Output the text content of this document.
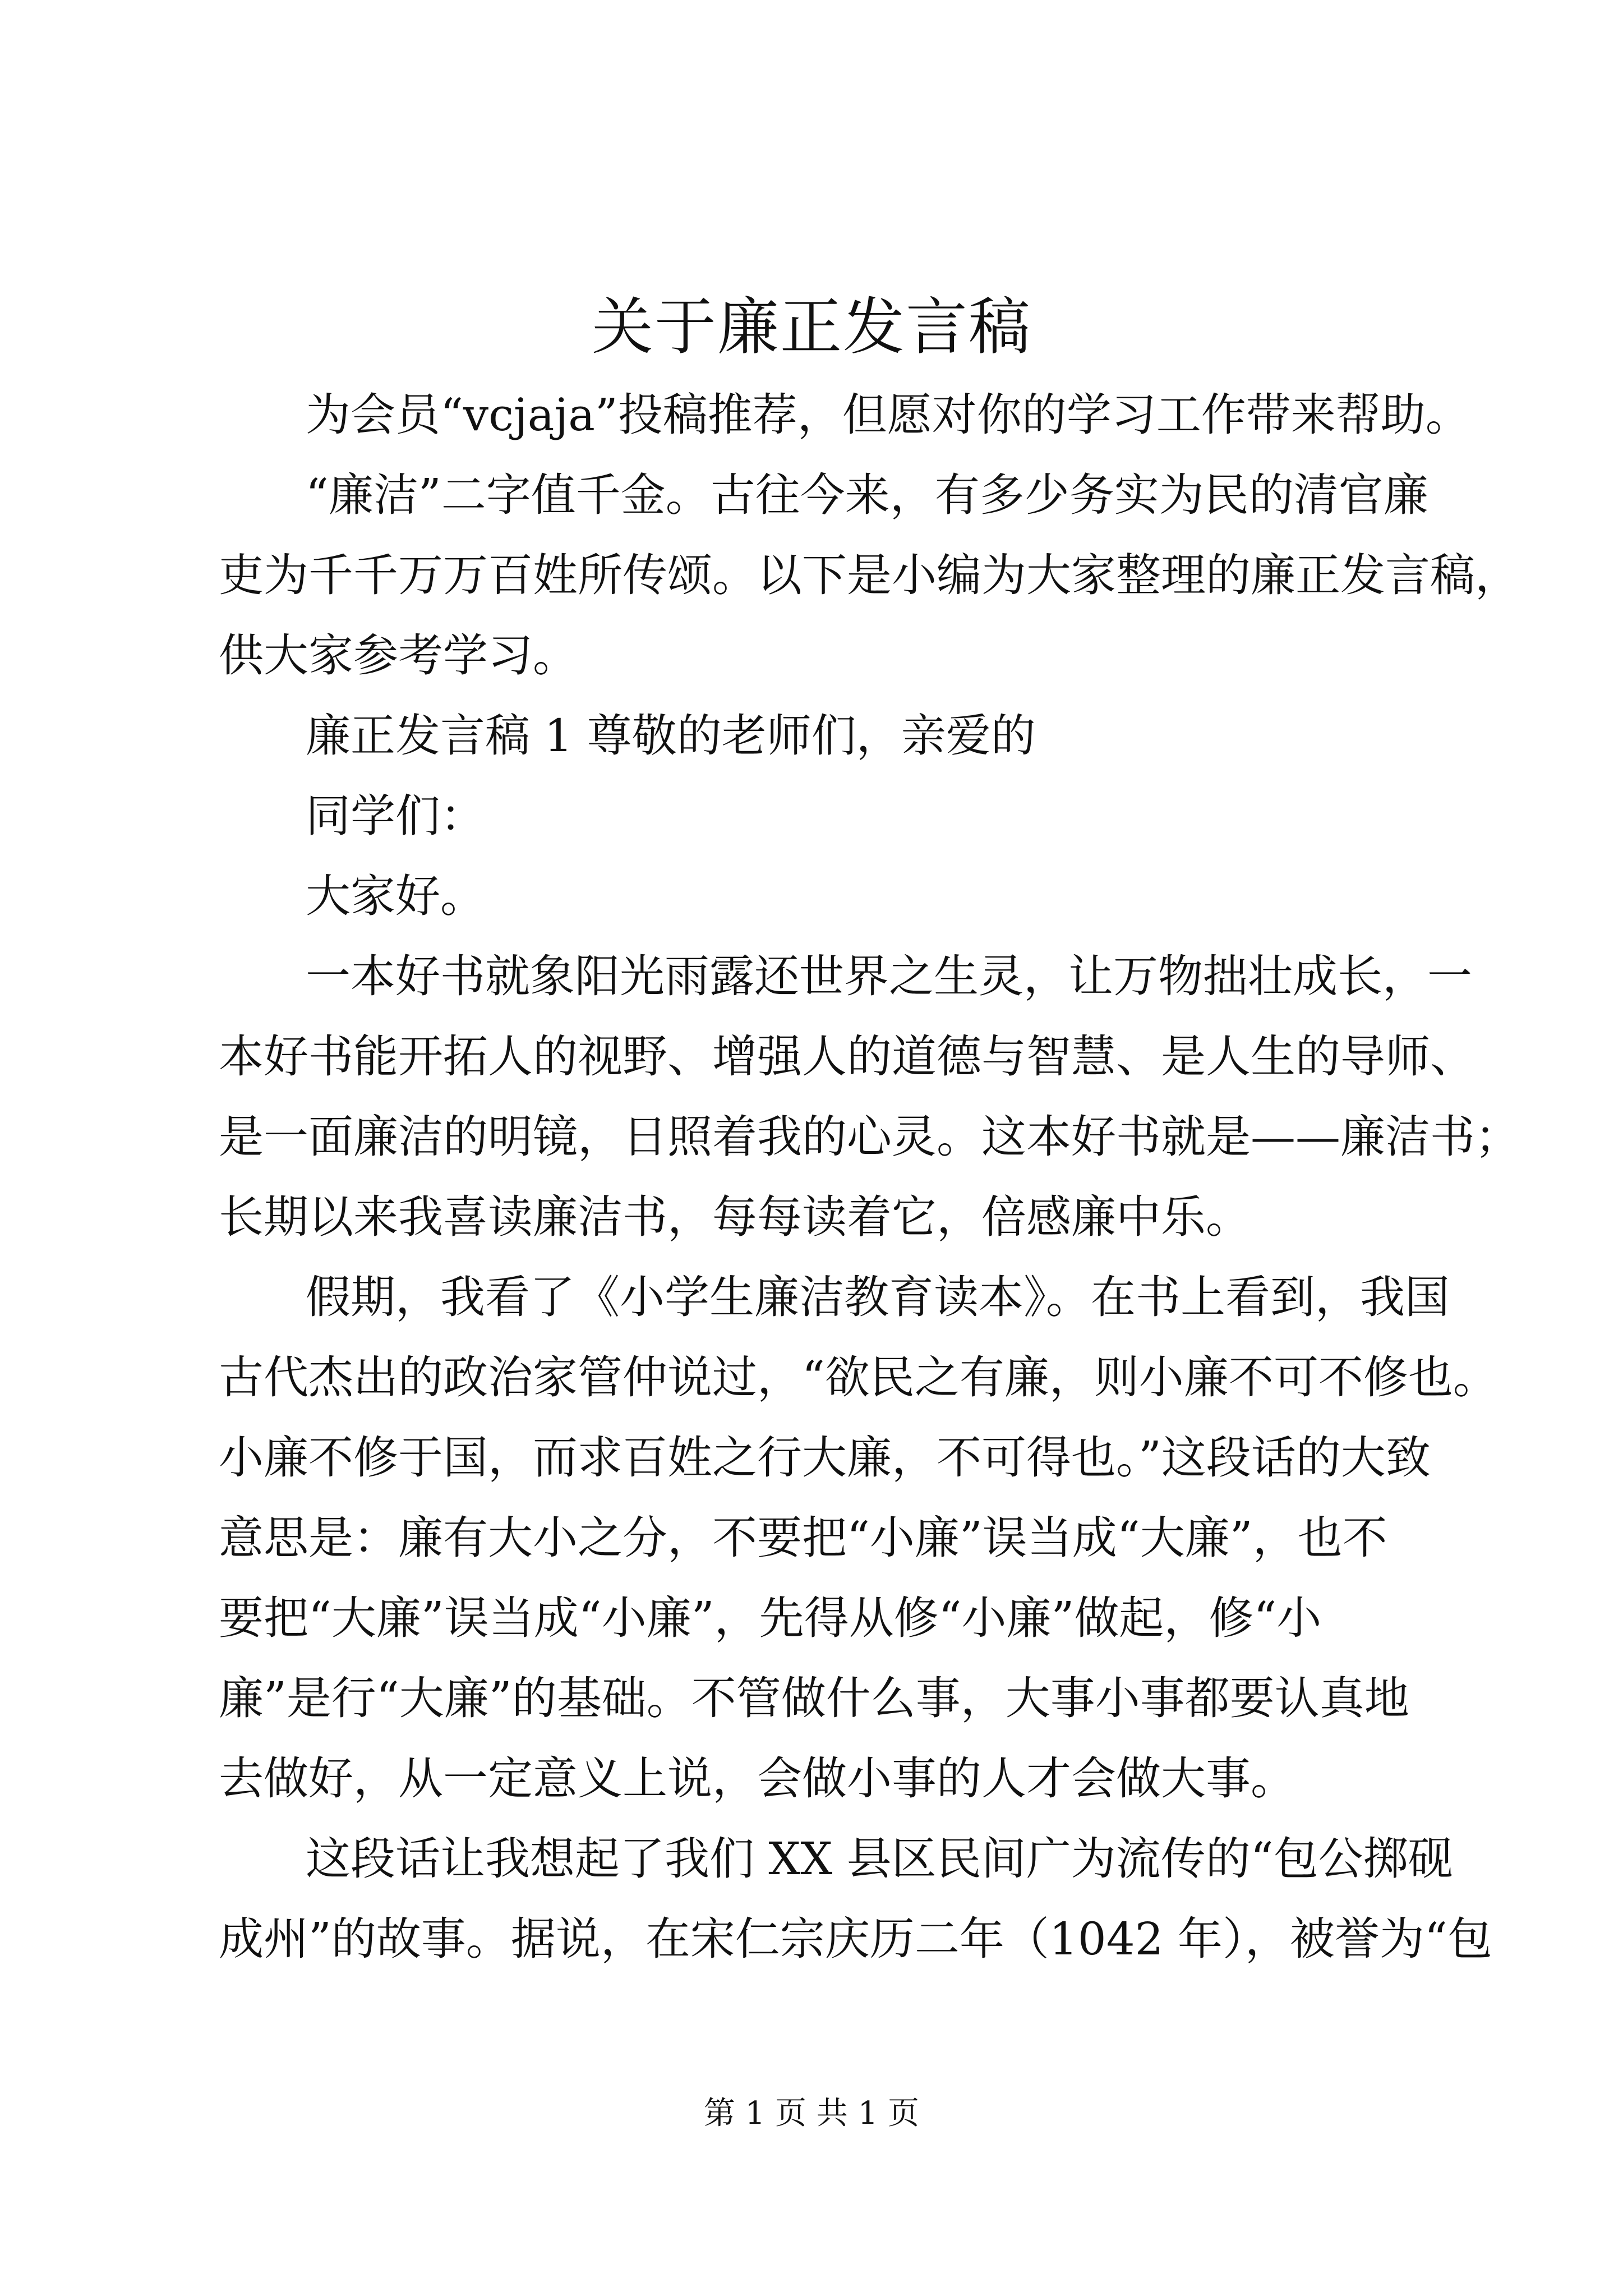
关于廉正发言稿

为会员“vcjaja”投稿推荐，但愿对你的学习工作带来帮助。

“廉洁”二字值千金。古往今来，有多少务实为民的清官廉

吏为千千万万百姓所传颂。以下是小编为大家整理的廉正发言稿，

供大家参考学习。

廉正发言稿 1 尊敬的老师们，亲爱的

同学们：

大家好。

一本好书就象阳光雨露还世界之生灵，让万物拙壮成长，一

本好书能开拓人的视野、增强人的道德与智慧、是人生的导师、

是一面廉洁的明镜，日照着我的心灵。这本好书就是——廉洁书；

长期以来我喜读廉洁书，每每读着它，倍感廉中乐。

假期，我看了《小学生廉洁教育读本》。在书上看到，我国

古代杰出的政治家管仲说过，“欲民之有廉，则小廉不可不修也。

小廉不修于国，而求百姓之行大廉，不可得也。”这段话的大致

意思是：廉有大小之分，不要把“小廉”误当成“大廉”，也不

要把“大廉”误当成“小廉”，先得从修“小廉”做起，修“小

廉”是行“大廉”的基础。不管做什么事，大事小事都要认真地

去做好，从一定意义上说，会做小事的人才会做大事。

这段话让我想起了我们 XX 县区民间广为流传的“包公掷砚

成州”的故事。据说，在宋仁宗庆历二年（1042 年），被誉为“包

第 1 页 共 1 页
